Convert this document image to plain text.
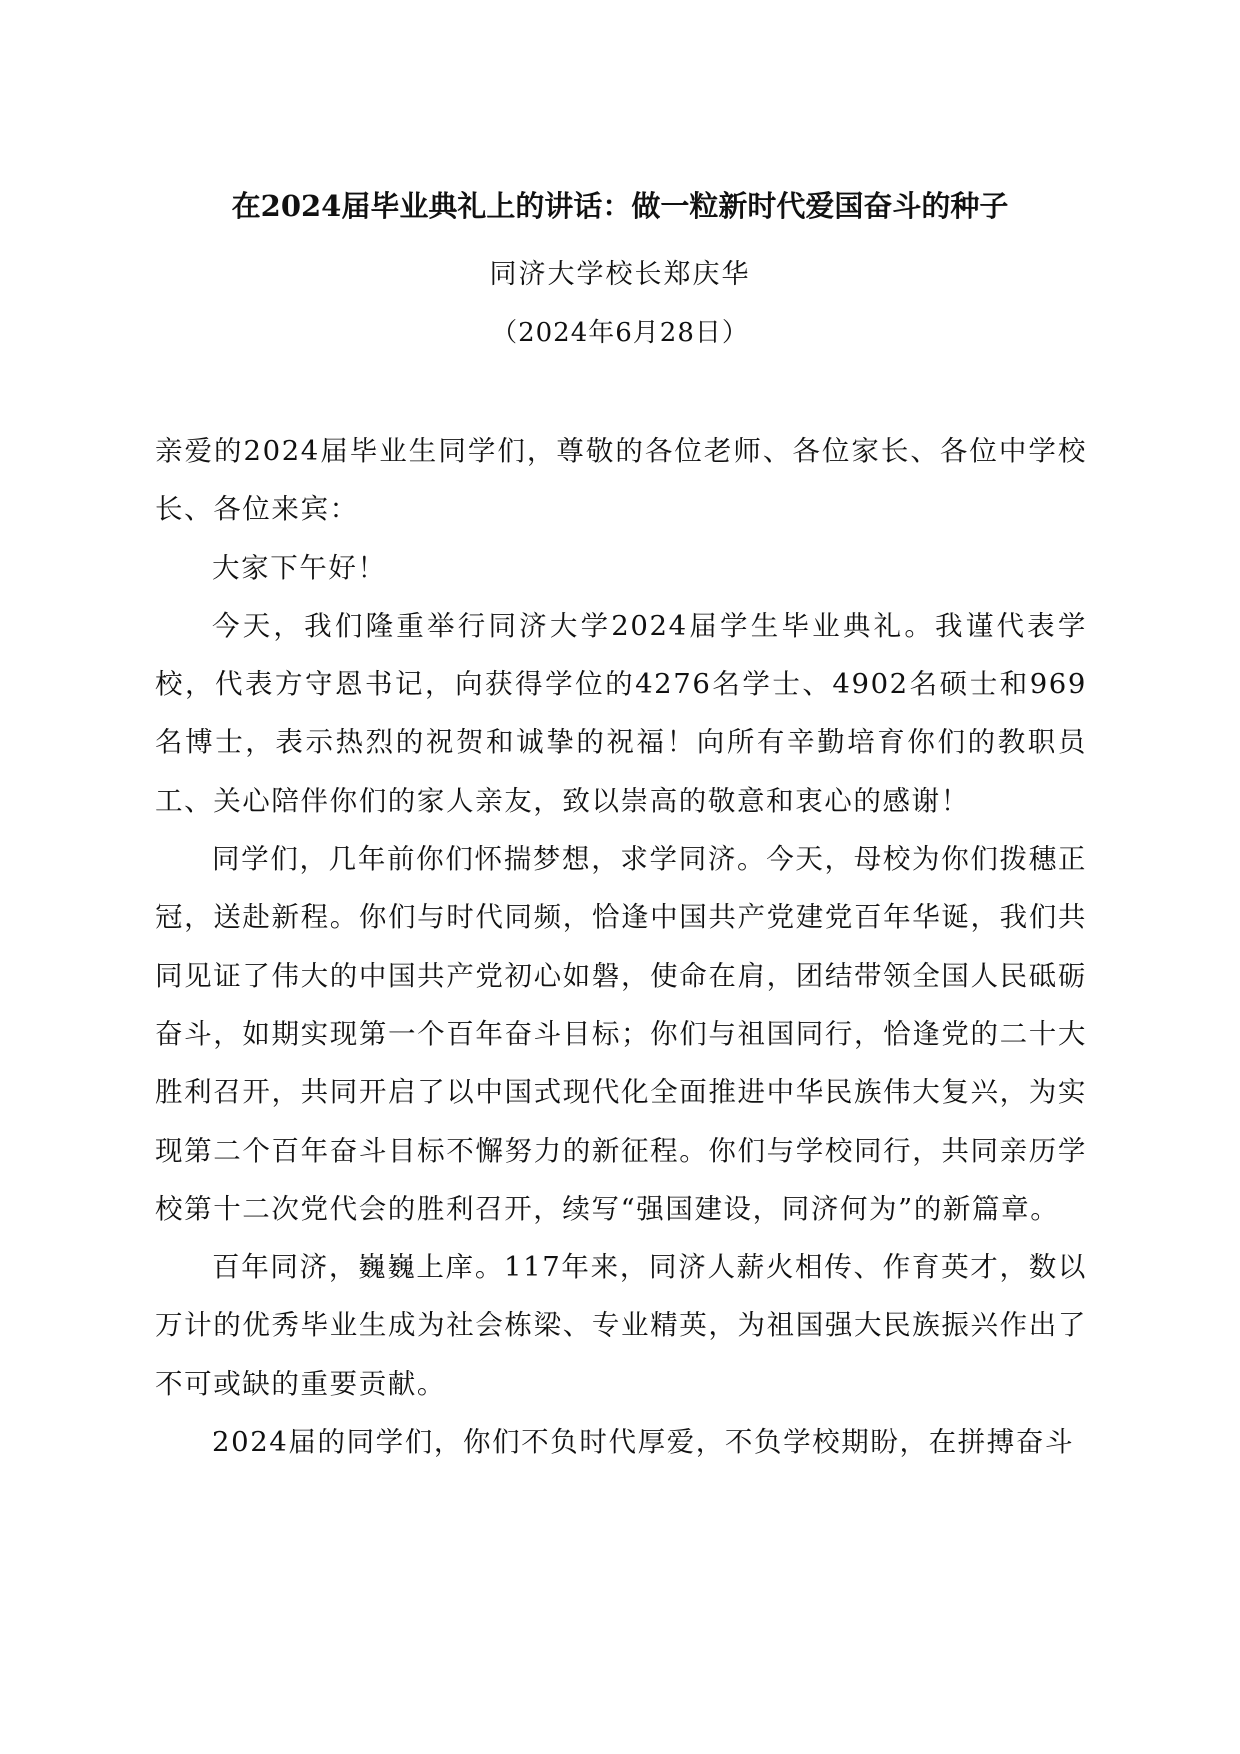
在2024届毕业典礼上的讲话：做一粒新时代爱国奋斗的种子
同济大学校长郑庆华
（2024年6月28日）

亲爱的2024届毕业生同学们，尊敬的各位老师、各位家长、各位中学校长、各位来宾：

大家下午好！

今天，我们隆重举行同济大学2024届学生毕业典礼。我谨代表学校，代表方守恩书记，向获得学位的4276名学士、4902名硕士和969名博士，表示热烈的祝贺和诚挚的祝福！向所有辛勤培育你们的教职员工、关心陪伴你们的家人亲友，致以崇高的敬意和衷心的感谢！

同学们，几年前你们怀揣梦想，求学同济。今天，母校为你们拨穗正冠，送赴新程。你们与时代同频，恰逢中国共产党建党百年华诞，我们共同见证了伟大的中国共产党初心如磐，使命在肩，团结带领全国人民砥砺奋斗，如期实现第一个百年奋斗目标；你们与祖国同行，恰逢党的二十大胜利召开，共同开启了以中国式现代化全面推进中华民族伟大复兴，为实现第二个百年奋斗目标不懈努力的新征程。你们与学校同行，共同亲历学校第十二次党代会的胜利召开，续写“强国建设，同济何为”的新篇章。

百年同济，巍巍上庠。117年来，同济人薪火相传、作育英才，数以万计的优秀毕业生成为社会栋梁、专业精英，为祖国强大民族振兴作出了不可或缺的重要贡献。

2024届的同学们，你们不负时代厚爱，不负学校期盼，在拼搏奋斗
